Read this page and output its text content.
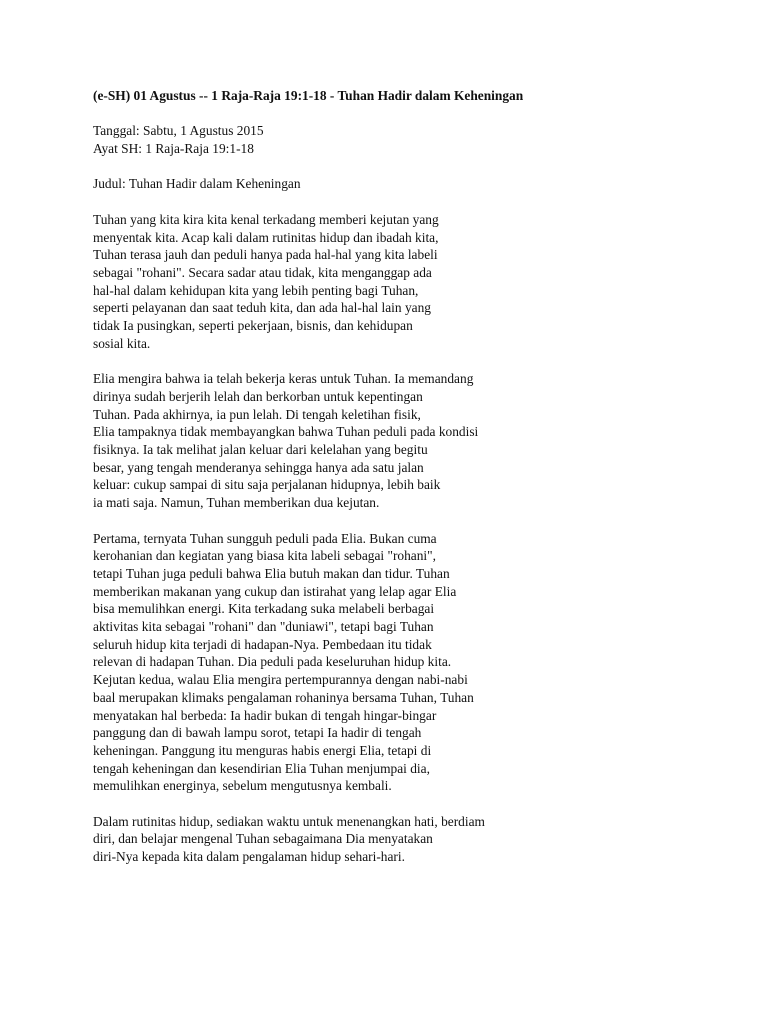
(e-SH) 01 Agustus -- 1 Raja-Raja 19:1-18 - Tuhan Hadir dalam Keheningan

Tanggal: Sabtu, 1 Agustus 2015
Ayat SH: 1 Raja-Raja 19:1-18
Judul: Tuhan Hadir dalam Keheningan
Tuhan yang kita kira kita kenal terkadang memberi kejutan yang
menyentak kita. Acap kali dalam rutinitas hidup dan ibadah kita,
Tuhan terasa jauh dan peduli hanya pada hal-hal yang kita labeli
sebagai "rohani". Secara sadar atau tidak, kita menganggap ada
hal-hal dalam kehidupan kita yang lebih penting bagi Tuhan,
seperti pelayanan dan saat teduh kita, dan ada hal-hal lain yang
tidak Ia pusingkan, seperti pekerjaan, bisnis, dan kehidupan
sosial kita.
Elia mengira bahwa ia telah bekerja keras untuk Tuhan. Ia memandang
dirinya sudah berjerih lelah dan berkorban untuk kepentingan
Tuhan. Pada akhirnya, ia pun lelah. Di tengah keletihan fisik,
Elia tampaknya tidak membayangkan bahwa Tuhan peduli pada kondisi
fisiknya. Ia tak melihat jalan keluar dari kelelahan yang begitu
besar, yang tengah menderanya sehingga hanya ada satu jalan
keluar: cukup sampai di situ saja perjalanan hidupnya, lebih baik
ia mati saja. Namun, Tuhan memberikan dua kejutan.
Pertama, ternyata Tuhan sungguh peduli pada Elia. Bukan cuma
kerohanian dan kegiatan yang biasa kita labeli sebagai "rohani",
tetapi Tuhan juga peduli bahwa Elia butuh makan dan tidur. Tuhan
memberikan makanan yang cukup dan istirahat yang lelap agar Elia
bisa memulihkan energi. Kita terkadang suka melabeli berbagai
aktivitas kita sebagai "rohani" dan "duniawi", tetapi bagi Tuhan
seluruh hidup kita terjadi di hadapan-Nya. Pembedaan itu tidak
relevan di hadapan Tuhan. Dia peduli pada keseluruhan hidup kita.
Kejutan kedua, walau Elia mengira pertempurannya dengan nabi-nabi
baal merupakan klimaks pengalaman rohaninya bersama Tuhan, Tuhan
menyatakan hal berbeda: Ia hadir bukan di tengah hingar-bingar
panggung dan di bawah lampu sorot, tetapi Ia hadir di tengah
keheningan. Panggung itu menguras habis energi Elia, tetapi di
tengah keheningan dan kesendirian Elia Tuhan menjumpai dia,
memulihkan energinya, sebelum mengutusnya kembali.
Dalam rutinitas hidup, sediakan waktu untuk menenangkan hati, berdiam
diri, dan belajar mengenal Tuhan sebagaimana Dia menyatakan
diri-Nya kepada kita dalam pengalaman hidup sehari-hari.
